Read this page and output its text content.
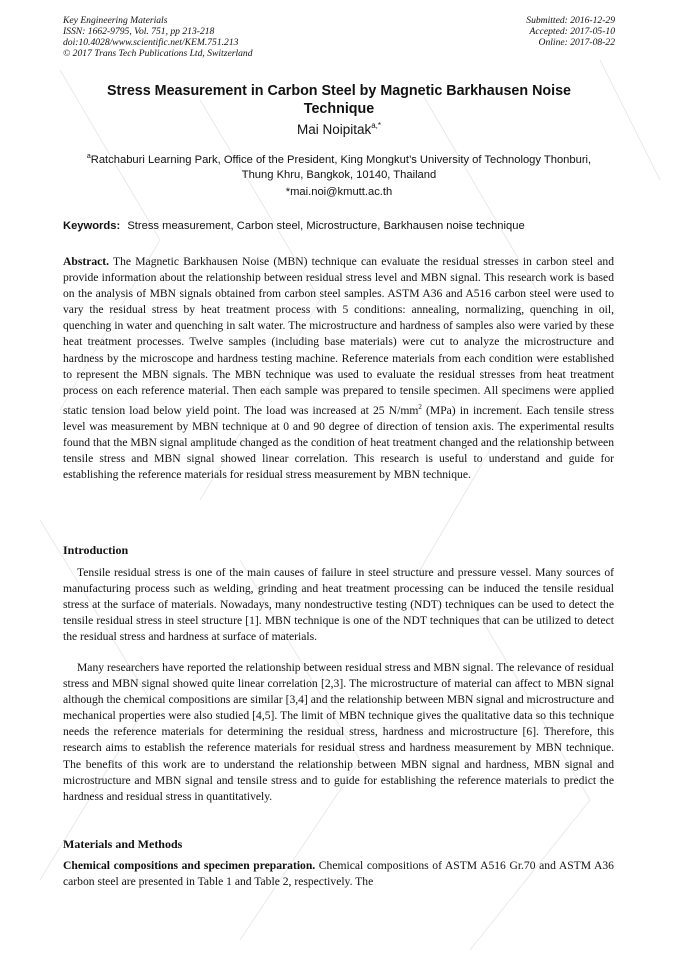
Key Engineering Materials
ISSN: 1662-9795, Vol. 751, pp 213-218
doi:10.4028/www.scientific.net/KEM.751.213
© 2017 Trans Tech Publications Ltd, Switzerland
Submitted: 2016-12-29
Accepted: 2017-05-10
Online: 2017-08-22
Stress Measurement in Carbon Steel by Magnetic Barkhausen Noise Technique
Mai Noipitak$^{a,*}$
$^a$Ratchaburi Learning Park, Office of the President, King Mongkut’s University of Technology Thonburi, Thung Khru, Bangkok, 10140, Thailand
*mai.noi@kmutt.ac.th
Keywords: Stress measurement, Carbon steel, Microstructure, Barkhausen noise technique

Abstract. The Magnetic Barkhausen Noise (MBN) technique can evaluate the residual stresses in carbon steel and provide information about the relationship between residual stress level and MBN signal. This research work is based on the analysis of MBN signals obtained from carbon steel samples. ASTM A36 and A516 carbon steel were used to vary the residual stress by heat treatment process with 5 conditions: annealing, normalizing, quenching in oil, quenching in water and quenching in salt water. The microstructure and hardness of samples also were varied by these heat treatment processes. Twelve samples (including base materials) were cut to analyze the microstructure and hardness by the microscope and hardness testing machine. Reference materials from each condition were established to represent the MBN signals. The MBN technique was used to evaluate the residual stresses from heat treatment process on each reference material. Then each sample was prepared to tensile specimen. All specimens were applied static tension load below yield point. The load was increased at 25 $N/mm^2$ (MPa) in increment. Each tensile stress level was measurement by MBN technique at 0 and 90 degree of direction of tension axis. The experimental results found that the MBN signal amplitude changed as the condition of heat treatment changed and the relationship between tensile stress and MBN signal showed linear correlation. This research is useful to understand and guide for establishing the reference materials for residual stress measurement by MBN technique.

Introduction

Tensile residual stress is one of the main causes of failure in steel structure and pressure vessel. Many sources of manufacturing process such as welding, grinding and heat treatment processing can be induced the tensile residual stress at the surface of materials. Nowadays, many nondestructive testing (NDT) techniques can be used to detect the tensile residual stress in steel structure [1]. MBN technique is one of the NDT techniques that can be utilized to detect the residual stress and hardness at surface of materials.

Many researchers have reported the relationship between residual stress and MBN signal. The relevance of residual stress and MBN signal showed quite linear correlation [2,3]. The microstructure of material can affect to MBN signal although the chemical compositions are similar [3,4] and the relationship between MBN signal and microstructure and mechanical properties were also studied [4,5]. The limit of MBN technique gives the qualitative data so this technique needs the reference materials for determining the residual stress, hardness and microstructure [6]. Therefore, this research aims to establish the reference materials for residual stress and hardness measurement by MBN technique. The benefits of this work are to understand the relationship between MBN signal and hardness, MBN signal and microstructure and MBN signal and tensile stress and to guide for establishing the reference materials to predict the hardness and residual stress in quantitatively.

Materials and Methods

Chemical compositions and specimen preparation. Chemical compositions of ASTM A516 Gr.70 and ASTM A36 carbon steel are presented in Table 1 and Table 2, respectively. The
